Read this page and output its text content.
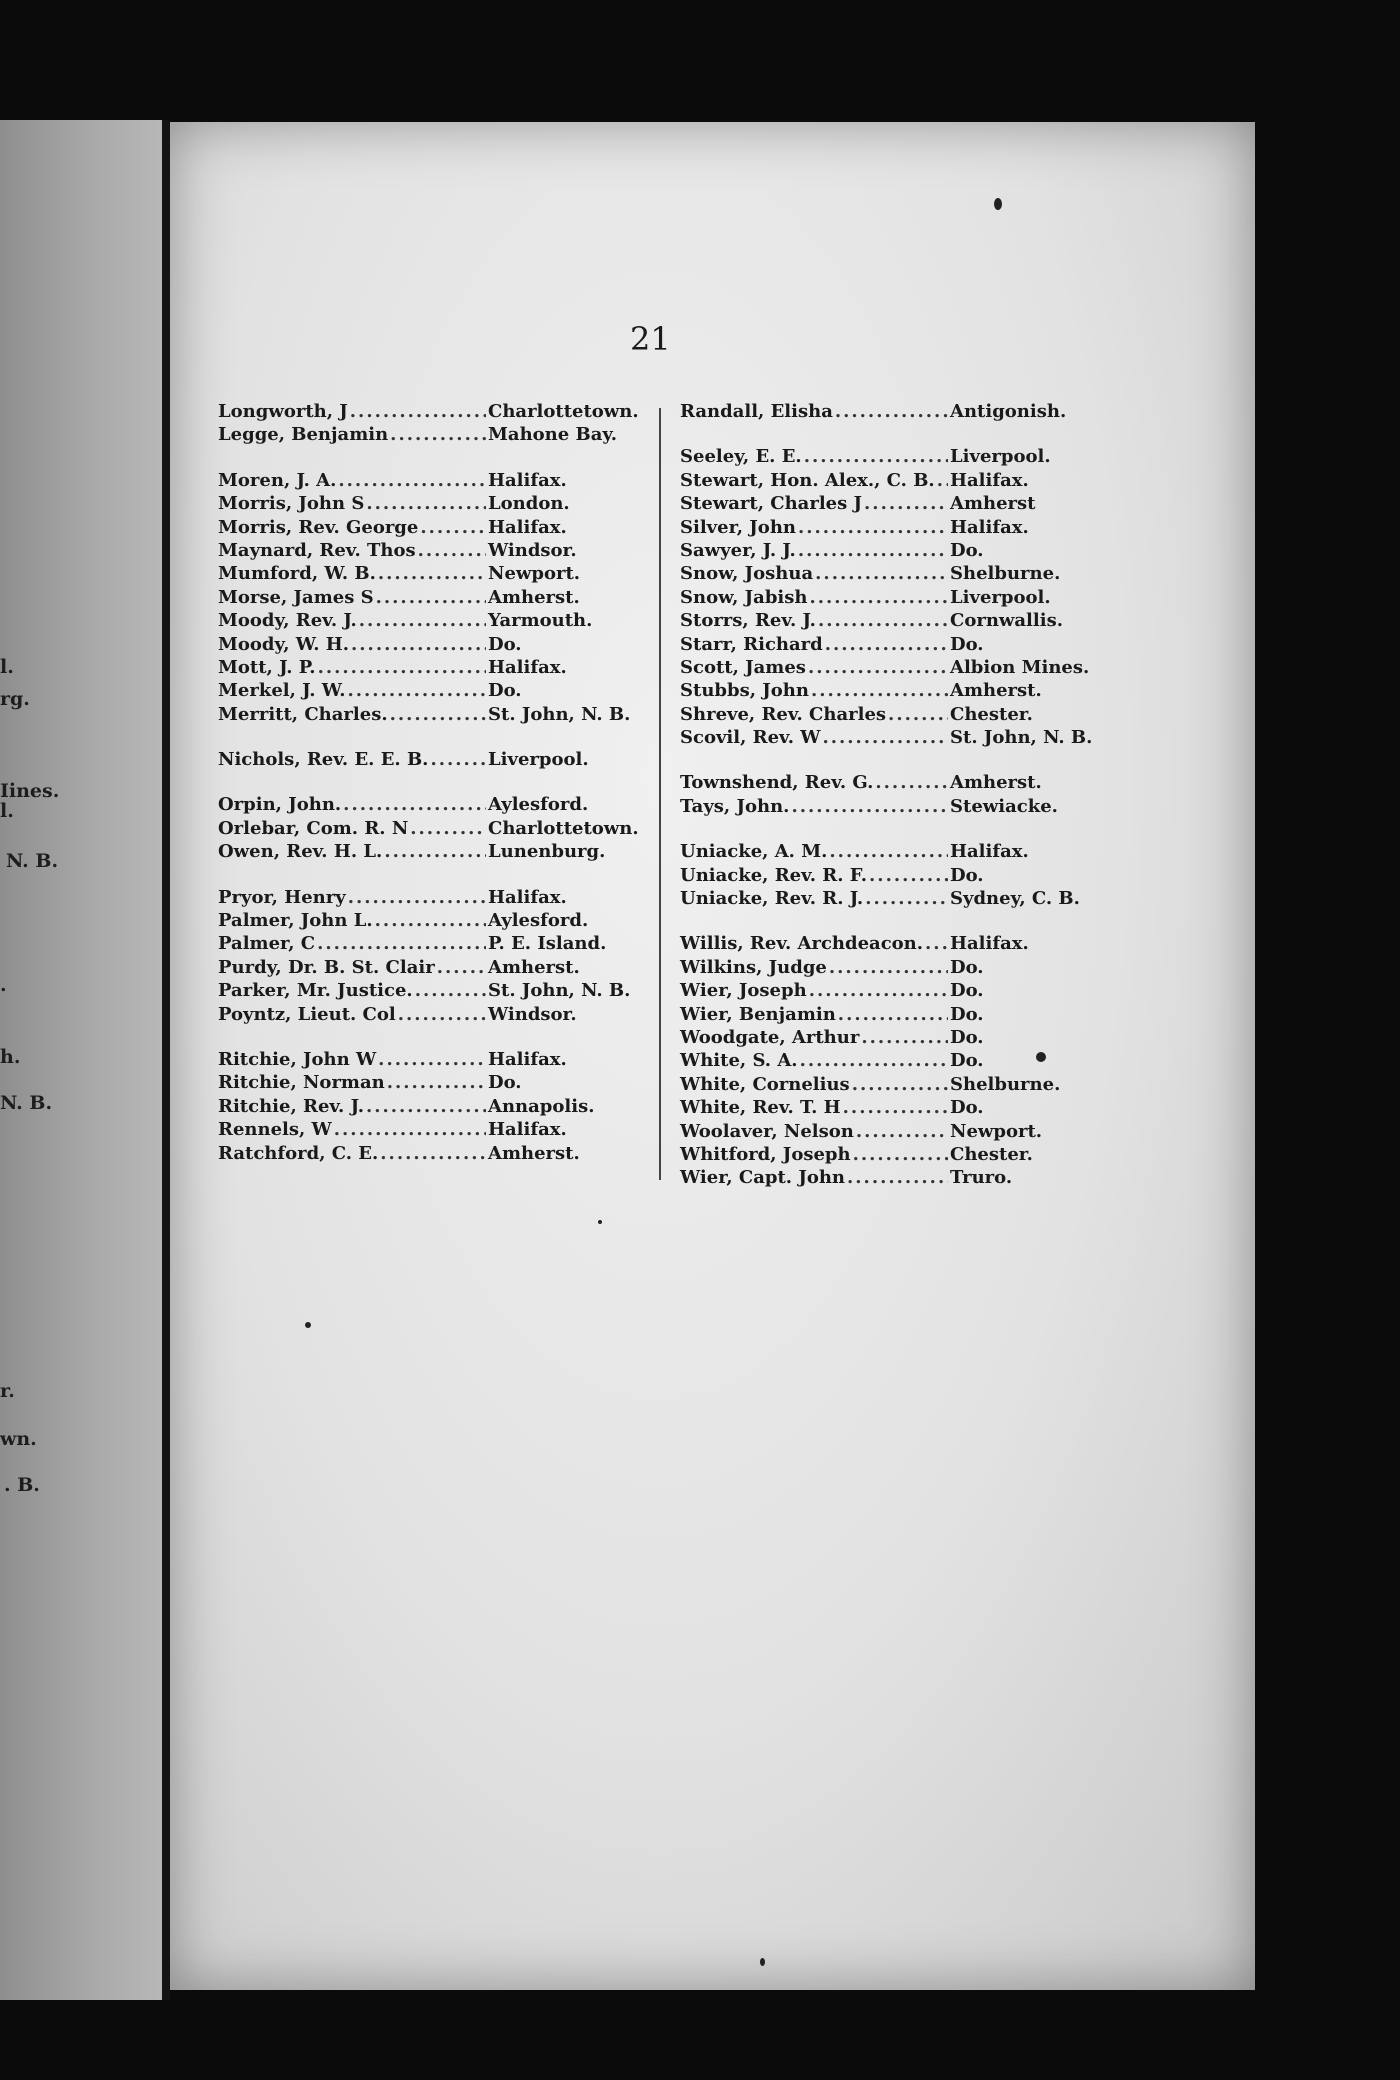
l.
rg.
Iines.
l.
N. B.
.
h.
N. B.
r.
wn.
. B.
21
Longworth, J .....	Charlottetown.
Legge, Benjamin .....	Mahone Bay.
Moren, J. A. .....	Halifax.
Morris, John S .....	London.
Morris, Rev. George .....	Halifax.
Maynard, Rev. Thos .....	Windsor.
Mumford, W. B. .....	Newport.
Morse, James S .....	Amherst.
Moody, Rev. J. .....	Yarmouth.
Moody, W. H. .....	Do.
Mott, J. P. .....	Halifax.
Merkel, J. W. .....	Do.
Merritt, Charles. .....	St. John, N. B.
Nichols, Rev. E. E. B. .....	Liverpool.
Orpin, John. .....	Aylesford.
Orlebar, Com. R. N .....	Charlottetown.
Owen, Rev. H. L. .....	Lunenburg.
Pryor, Henry .....	Halifax.
Palmer, John L. .....	Aylesford.
Palmer, C .....	P. E. Island.
Purdy, Dr. B. St. Clair .....	Amherst.
Parker, Mr. Justice. .....	St. John, N. B.
Poyntz, Lieut. Col .....	Windsor.
Ritchie, John W .....	Halifax.
Ritchie, Norman .....	Do.
Ritchie, Rev. J. .....	Annapolis.
Rennels, W .....	Halifax.
Ratchford, C. E. .....	Amherst.
Randall, Elisha .....	Antigonish.
Seeley, E. E. .....	Liverpool.
Stewart, Hon. Alex., C. B. ..... Halifax.
Stewart, Charles J .....	Amherst
Silver, John .....	Halifax.
Sawyer, J. J. .....	Do.
Snow, Joshua .....	Shelburne.
Snow, Jabish .....	Liverpool.
Storrs, Rev. J. .....	Cornwallis.
Starr, Richard .....	Do.
Scott, James .....	Albion Mines.
Stubbs, John .....	Amherst.
Shreve, Rev. Charles .....	Chester.
Scovil, Rev. W .....	St. John, N. B.
Townshend, Rev. G. .....	Amherst.
Tays, John. .....	Stewiacke.
Uniacke, A. M. .....	Halifax.
Uniacke, Rev. R. F. .....	Do.
Uniacke, Rev. R. J. .....	Sydney, C. B.
Willis, Rev. Archdeacon. ..... Halifax.
Wilkins, Judge .....	Do.
Wier, Joseph .....	Do.
Wier, Benjamin .....	Do.
Woodgate, Arthur .....	Do.
White, S. A. .....	Do.
White, Cornelius .....	Shelburne.
White, Rev. T. H .....	Do.
Woolaver, Nelson .....	Newport.
Whitford, Joseph .....	Chester.
Wier, Capt. John .....	Truro.
